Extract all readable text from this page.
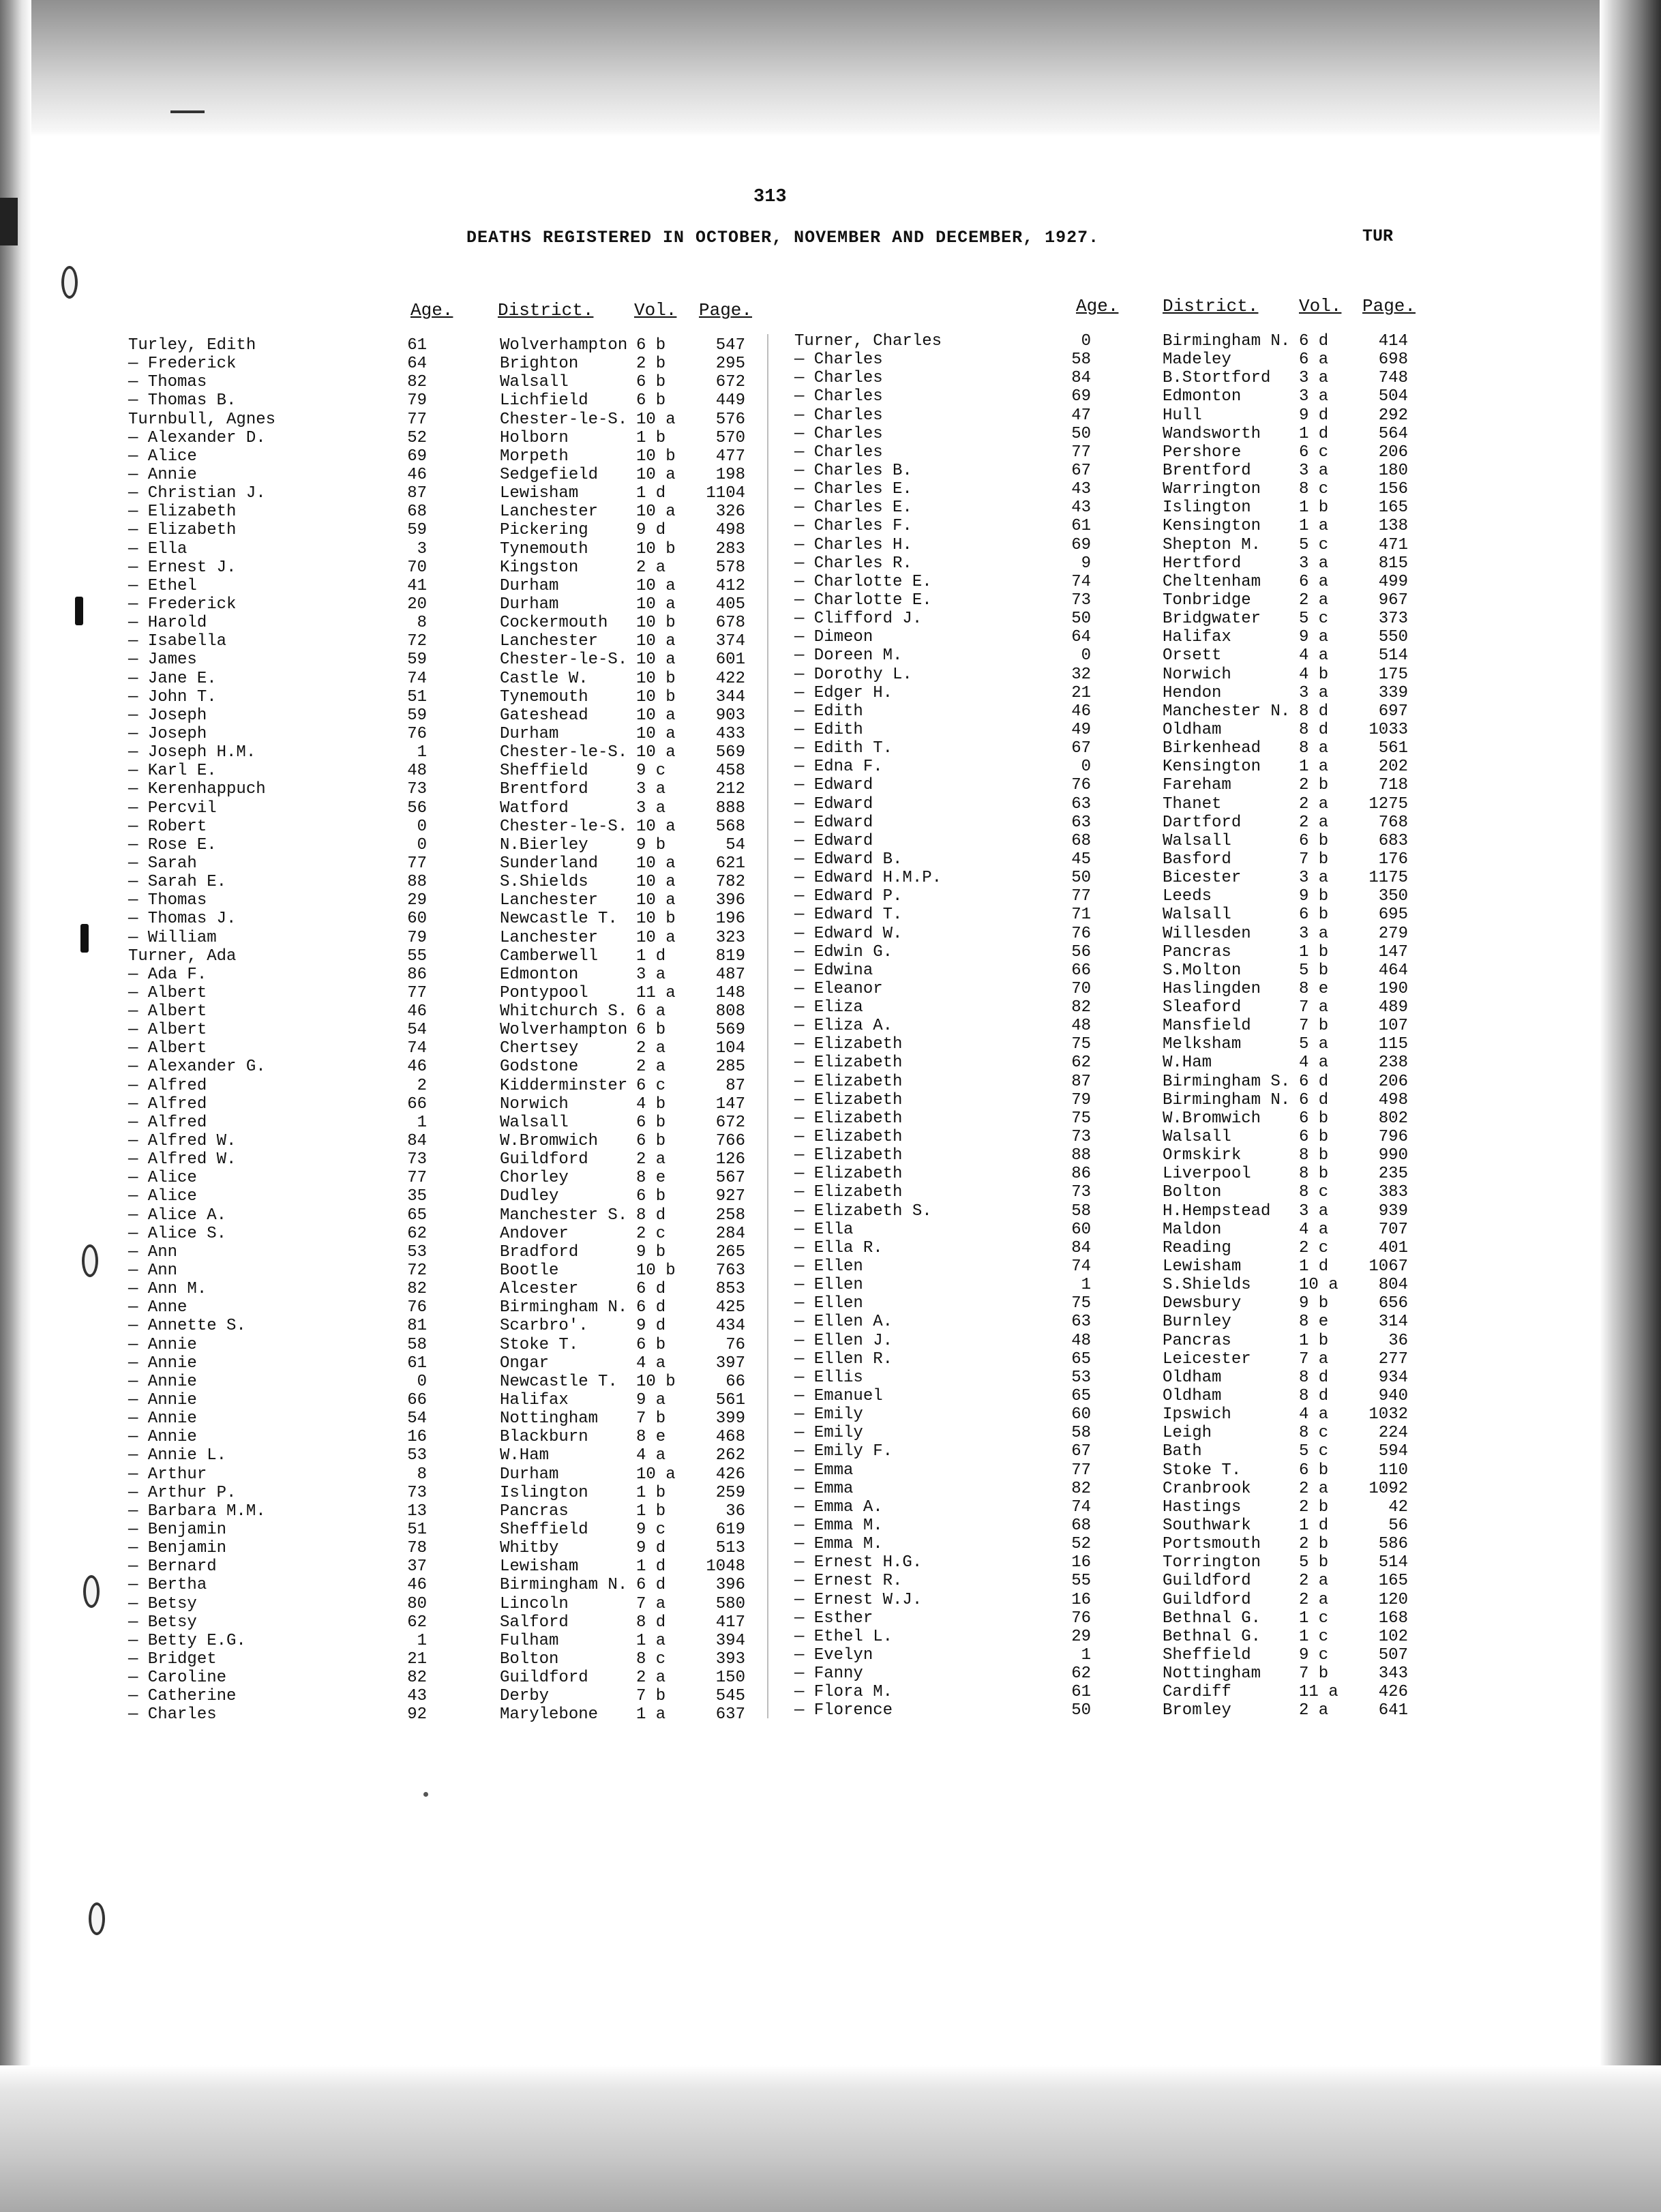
313
DEATHS REGISTERED IN OCTOBER, NOVEMBER AND DECEMBER, 1927.	TUR
Age.	District. Vol. Page.	Age. District. Vol. Page.
Turley, Edith	61	Wolverhampton 6 b	547
— Frederick	64	Brighton	2 b	295
— Thomas	82	Walsall	6 b	672
— Thomas B.	79	Lichfield	6 b	449
Turnbull, Agnes	77	Chester-le-S. 10 a	576
— Alexander D.	52	Holborn	1 b	570
— Alice	69	Morpeth	10 b	477
— Annie	46	Sedgefield 10 a	198
— Christian J.	87	Lewisham	1 d	1104
— Elizabeth	68	Lanchester 10 a	326
— Elizabeth	59	Pickering	9 d	498
— Ella	3	Tynemouth	10 b	283
— Ernest J.	70	Kingston	2 a	578
— Ethel	41	Durham	10 a	412
— Frederick	20	Durham	10 a	405
— Harold	8	Cockermouth 10 b	678
— Isabella	72	Lanchester 10 a	374
— James	59	Chester-le-S. 10 a	601
— Jane E.	74	Castle W.	10 b	422
— John T.	51	Tynemouth	10 b	344
— Joseph	59	Gateshead	10 a	903
— Joseph	76	Durham	10 a	433
— Joseph H.M.	1	Chester-le-S. 10 a	569
— Karl E.	48	Sheffield	9 c	458
— Kerenhappuch	73	Brentford	3 a	212
— Percvil	56	Watford	3 a	888
— Robert	0	Chester-le-S. 10 a	568
— Rose E.	0	N.Bierley	9 b	54
— Sarah	77	Sunderland 10 a	621
— Sarah E.	88	S.Shields	10 a	782
— Thomas	29	Lanchester 10 a	396
— Thomas J.	60	Newcastle T. 10 b	196
— William	79	Lanchester 10 a	323
Turner, Ada	55	Camberwell 1 d	819
— Ada F.	86	Edmonton	3 a	487
— Albert	77	Pontypool	11 a	148
— Albert	46	Whitchurch S. 6 a	808
— Albert	54	Wolverhampton 6 b	569
— Albert	74	Chertsey	2 a	104
— Alexander G.	46	Godstone	2 a	285
— Alfred	2	Kidderminster 6 c	87
— Alfred	66	Norwich	4 b	147
— Alfred	1	Walsall	6 b	672
— Alfred W.	84	W.Bromwich 6 b	766
— Alfred W.	73	Guildford	2 a	126
— Alice	77	Chorley	8 e	567
— Alice	35	Dudley	6 b	927
— Alice A.	65	Manchester S. 8 d	258
— Alice S.	62	Andover	2 c	284
— Ann	53	Bradford	9 b	265
— Ann	72	Bootle	10 b	763
— Ann M.	82	Alcester	6 d	853
— Anne	76	Birmingham N. 6 d	425
— Annette S.	81	Scarbro'.	9 d	434
— Annie	58	Stoke T.	6 b	76
— Annie	61	Ongar	4 a	397
— Annie	0	Newcastle T. 10 b	66
— Annie	66	Halifax	9 a	561
— Annie	54	Nottingham 7 b	399
— Annie	16	Blackburn	8 e	468
— Annie L.	53	W.Ham	4 a	262
— Arthur	8	Durham	10 a	426
— Arthur P.	73	Islington	1 b	259
— Barbara M.M.	13	Pancras	1 b	36
— Benjamin	51	Sheffield	9 c	619
— Benjamin	78	Whitby	9 d	513
— Bernard	37	Lewisham	1 d	1048
— Bertha	46	Birmingham N. 6 d	396
— Betsy	80	Lincoln	7 a	580
— Betsy	62	Salford	8 d	417
— Betty E.G.	1	Fulham	1 a	394
— Bridget	21	Bolton	8 c	393
— Caroline	82	Guildford	2 a	150
— Catherine	43	Derby	7 b	545
— Charles	92	Marylebone 1 a	637
Turner, Charles	0	Birmingham N. 6 d	414
— Charles	58	Madeley	6 a	698
— Charles	84	B.Stortford 3 a	748
— Charles	69	Edmonton	3 a	504
— Charles	47	Hull	9 d	292
— Charles	50	Wandsworth 1 d	564
— Charles	77	Pershore	6 c	206
— Charles B.	67	Brentford	3 a	180
— Charles E.	43	Warrington 8 c	156
— Charles E.	43	Islington	1 b	165
— Charles F.	61	Kensington 1 a	138
— Charles H.	69	Shepton M. 5 c	471
— Charles R.	9	Hertford	3 a	815
— Charlotte E.	74	Cheltenham 6 a	499
— Charlotte E.	73	Tonbridge	2 a	967
— Clifford J.	50	Bridgwater 5 c	373
— Dimeon	64	Halifax	9 a	550
— Doreen M.	0	Orsett	4 a	514
— Dorothy L.	32	Norwich	4 b	175
— Edger H.	21	Hendon	3 a	339
— Edith	46	Manchester N. 8 d	697
— Edith	49	Oldham	8 d	1033
— Edith T.	67	Birkenhead 8 a	561
— Edna F.	0	Kensington 1 a	202
— Edward	76	Fareham	2 b	718
— Edward	63	Thanet	2 a	1275
— Edward	63	Dartford	2 a	768
— Edward	68	Walsall	6 b	683
— Edward B.	45	Basford	7 b	176
— Edward H.M.P.	50	Bicester	3 a	1175
— Edward P.	77	Leeds	9 b	350
— Edward T.	71	Walsall	6 b	695
— Edward W.	76	Willesden	3 a	279
— Edwin G.	56	Pancras	1 b	147
— Edwina	66	S.Molton	5 b	464
— Eleanor	70	Haslingden 8 e	190
— Eliza	82	Sleaford	7 a	489
— Eliza A.	48	Mansfield	7 b	107
— Elizabeth	75	Melksham	5 a	115
— Elizabeth	62	W.Ham	4 a	238
— Elizabeth	87	Birmingham S. 6 d	206
— Elizabeth	79	Birmingham N. 6 d	498
— Elizabeth	75	W.Bromwich 6 b	802
— Elizabeth	73	Walsall	6 b	796
— Elizabeth	88	Ormskirk	8 b	990
— Elizabeth	86	Liverpool	8 b	235
— Elizabeth	73	Bolton	8 c	383
— Elizabeth S.	58	H.Hempstead 3 a	939
— Ella	60	Maldon	4 a	707
— Ella R.	84	Reading	2 c	401
— Ellen	74	Lewisham	1 d	1067
— Ellen	1	S.Shields	10 a	804
— Ellen	75	Dewsbury	9 b	656
— Ellen A.	63	Burnley	8 e	314
— Ellen J.	48	Pancras	1 b	36
— Ellen R.	65	Leicester	7 a	277
— Ellis	53	Oldham	8 d	934
— Emanuel	65	Oldham	8 d	940
— Emily	60	Ipswich	4 a	1032
— Emily	58	Leigh	8 c	224
— Emily F.	67	Bath	5 c	594
— Emma	77	Stoke T.	6 b	110
— Emma	82	Cranbrook	2 a	1092
— Emma A.	74	Hastings	2 b	42
— Emma M.	68	Southwark	1 d	56
— Emma M.	52	Portsmouth 2 b	586
— Ernest H.G.	16	Torrington 5 b	514
— Ernest R.	55	Guildford	2 a	165
— Ernest W.J.	16	Guildford	2 a	120
— Esther	76	Bethnal G. 1 c	168
— Ethel L.	29	Bethnal G. 1 c	102
— Evelyn	1	Sheffield	9 c	507
— Fanny	62	Nottingham 7 b	343
— Flora M.	61	Cardiff	11 a	426
— Florence	50	Bromley	2 a	641
